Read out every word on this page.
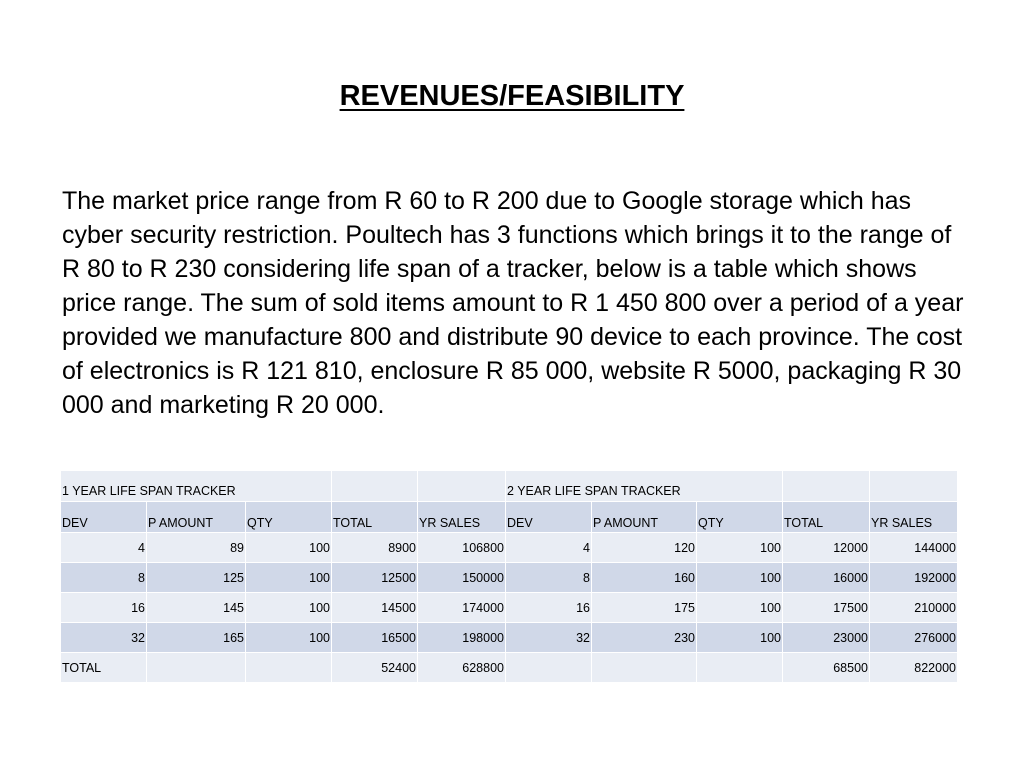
REVENUES/FEASIBILITY

The market price range from R 60 to R 200 due to Google storage which has cyber security restriction. Poultech has 3 functions which brings it to the range of R 80 to R 230 considering life span of a tracker, below is a table which shows price range. The sum of sold items amount to R 1 450 800 over a period of a year provided we manufacture 800 and distribute 90 device to each province. The cost of electronics is R 121 810, enclosure R 85 000, website R 5000, packaging R 30 000 and marketing R 20 000.

1 YEAR LIFE SPAN TRACKER					2 YEAR LIFE SPAN TRACKER				
DEV	P AMOUNT	QTY	TOTAL	YR SALES	DEV	P AMOUNT	QTY	TOTAL	YR SALES
4	89	100	8900	106800	4	120	100	12000	144000
8	125	100	12500	150000	8	160	100	16000	192000
16	145	100	14500	174000	16	175	100	17500	210000
32	165	100	16500	198000	32	230	100	23000	276000
TOTAL			52400	628800				68500	822000
